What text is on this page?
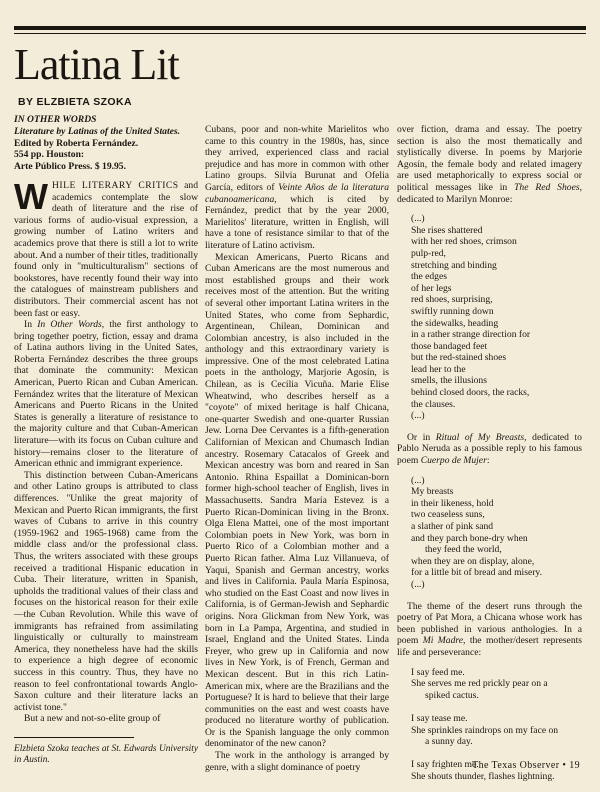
Latina Lit
BY ELZBIETA SZOKA
IN OTHER WORDS
Literature by Latinas of the United States.
Edited by Roberta Fernández.
554 pp. Houston:
Arte Público Press. $ 19.95.

WHILE LITERARY CRITICS and academics contemplate the slow death of literature and the rise of various forms of audio-visual expression, a growing number of Latino writers and academics prove that there is still a lot to write about. And a number of their titles, traditionally found only in "multiculturalism" sections of bookstores, have recently found their way into the catalogues of mainstream publishers and distributors. Their commercial ascent has not been fast or easy.

In In Other Words, the first anthology to bring together poetry, fiction, essay and drama of Latina authors living in the United Sates, Roberta Fernández describes the three groups that dominate the community: Mexican American, Puerto Rican and Cuban American. Fernández writes that the literature of Mexican Americans and Puerto Ricans in the United States is generally a literature of resistance to the majority culture and that Cuban-American literature—with its focus on Cuban culture and history—remains closer to the literature of American ethnic and immigrant experience.

This distinction between Cuban-Americans and other Latino groups is attributed to class differences. "Unlike the great majority of Mexican and Puerto Rican immigrants, the first waves of Cubans to arrive in this country (1959-1962 and 1965-1968) came from the middle class and/or the professional class. Thus, the writers associated with these groups received a traditional Hispanic education in Cuba. Their literature, written in Spanish, upholds the traditional values of their class and focuses on the historical reason for their exile—the Cuban Revolution. While this wave of immigrants has refrained from assimilating linguistically or culturally to mainstream America, they nonetheless have had the skills to experience a high degree of economic success in this country. Thus, they have no reason to feel confrontational towards Anglo-Saxon culture and their literature lacks an activist tone."

But a new and not-so-elite group of

Elzbieta Szoka teaches at St. Edwards University in Austin.

Cubans, poor and non-white Marielitos who came to this country in the 1980s, has, since they arrived, experienced class and racial prejudice and has more in common with other Latino groups. Silvia Burunat and Ofelia García, editors of Veinte Años de la literatura cubanoamericana, which is cited by Fernández, predict that by the year 2000, Marielitos' literature, written in English, will have a tone of resistance similar to that of the literature of Latino activism.

Mexican Americans, Puerto Ricans and Cuban Americans are the most numerous and most established groups and their work receives most of the attention. But the writing of several other important Latina writers in the United States, who come from Sephardic, Argentinean, Chilean, Dominican and Colombian ancestry, is also included in the anthology and this extraordinary variety is impressive. One of the most celebrated Latina poets in the anthology, Marjorie Agosín, is Chilean, as is Cecilia Vicuña. Marie Elise Wheatwind, who describes herself as a "coyote" of mixed heritage is half Chicana, one-quarter Swedish and one-quarter Russian Jew. Lorna Dee Cervantes is a fifth-generation Californian of Mexican and Chumasch Indian ancestry. Rosemary Catacalos of Greek and Mexican ancestry was born and reared in San Antonio. Rhina Espaillat a Dominican-born former high-school teacher of English, lives in Massachusetts. Sandra María Estevez is a Puerto Rican-Dominican living in the Bronx. Olga Elena Mattei, one of the most important Colombian poets in New York, was born in Puerto Rico of a Colombian mother and a Puerto Rican father. Alma Luz Villanueva, of Yaqui, Spanish and German ancestry, works and lives in California. Paula María Espinosa, who studied on the East Coast and now lives in California, is of German-Jewish and Sephardic origins. Nora Glickman from New York, was born in La Pampa, Argentina, and studied in Israel, England and the United States. Linda Freyer, who grew up in California and now lives in New York, is of French, German and Mexican descent. But in this rich Latin-American mix, where are the Brazilians and the Portuguese? It is hard to believe that their large communities on the east and west coasts have produced no literature worthy of publication. Or is the Spanish language the only common denominator of the new canon?

The work in the anthology is arranged by genre, with a slight dominance of poetry

over fiction, drama and essay. The poetry section is also the most thematically and stylistically diverse. In poems by Marjorie Agosín, the female body and related imagery are used metaphorically to express social or political messages like in The Red Shoes, dedicated to Marilyn Monroe:

(...)
She rises shattered
with her red shoes, crimson
pulp-red,
stretching and binding
the edges
of her legs
red shoes, surprising,
swiftly running down
the sidewalks, heading
in a rather strange direction for
those bandaged feet
but the red-stained shoes
lead her to the
smells, the illusions
behind closed doors, the racks,
the clauses.
(...)

Or in Ritual of My Breasts, dedicated to Pablo Neruda as a possible reply to his famous poem Cuerpo de Mujer:

(...)
My breasts
in their likeness, hold
two ceaseless suns,
a slather of pink sand
and they parch bone-dry when
they feed the world,
when they are on display, alone,
for a little bit of bread and misery.
(...)

The theme of the desert runs through the poetry of Pat Mora, a Chicana whose work has been published in various anthologies. In a poem Mi Madre, the mother/desert represents life and perseverance:

I say feed me.
She serves me red prickly pear on a
spiked cactus.

I say tease me.
She sprinkles raindrops on my face on
a sunny day.

I say frighten me.
She shouts thunder, flashes lightning.
The Texas Observer • 19
